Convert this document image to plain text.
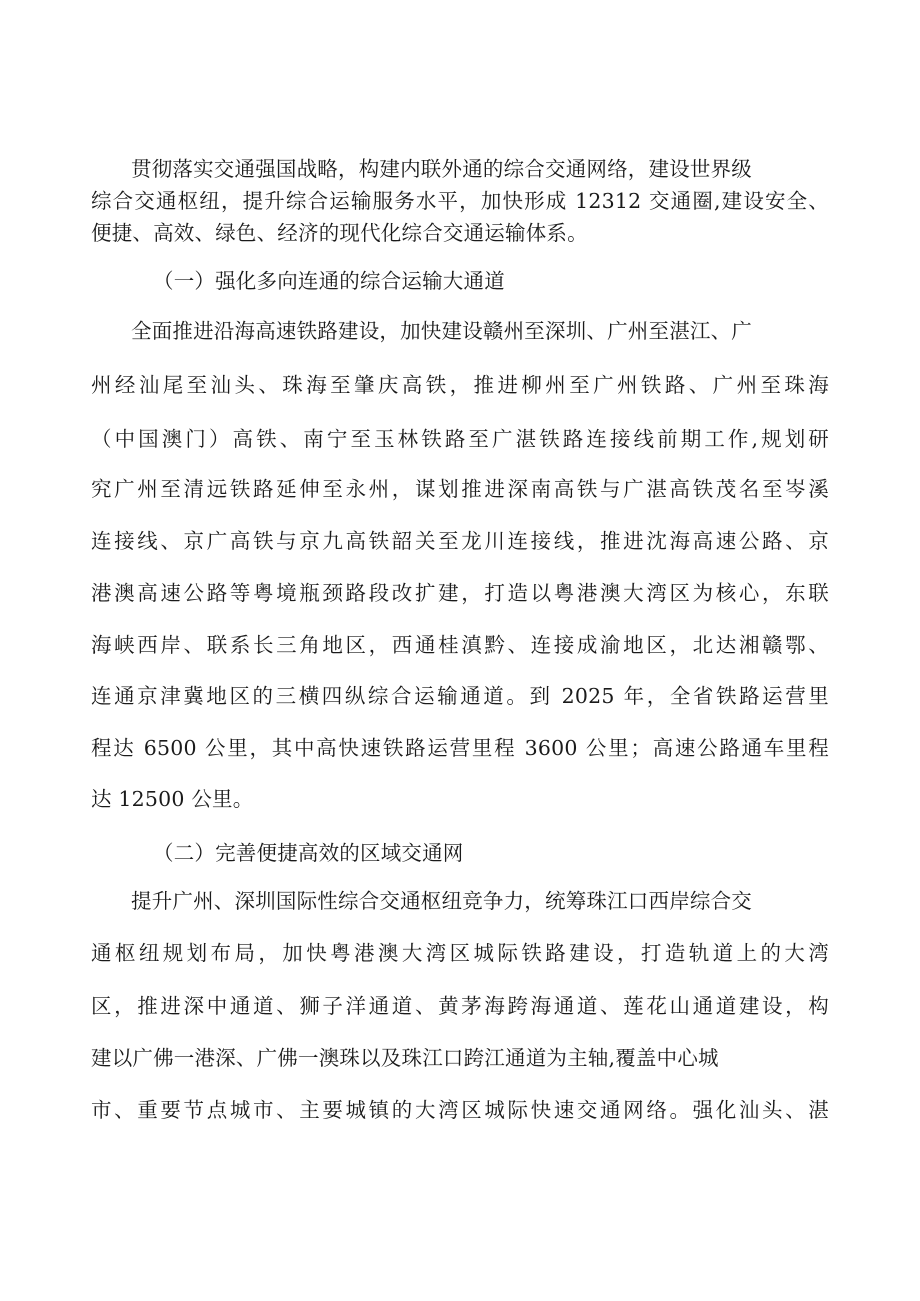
贯彻落实交通强国战略，构建内联外通的综合交通网络，建设世界级
综合交通枢纽，提升综合运输服务水平，加快形成 12312 交通圈,建设安全、
便捷、高效、绿色、经济的现代化综合交通运输体系。
（一）强化多向连通的综合运输大通道
全面推进沿海高速铁路建设，加快建设赣州至深圳、广州至湛江、广
州经汕尾至汕头、珠海至肇庆高铁，推进柳州至广州铁路、广州至珠海
（中国澳门）高铁、南宁至玉林铁路至广湛铁路连接线前期工作,规划研
究广州至清远铁路延伸至永州，谋划推进深南高铁与广湛高铁茂名至岑溪
连接线、京广高铁与京九高铁韶关至龙川连接线，推进沈海高速公路、京
港澳高速公路等粤境瓶颈路段改扩建，打造以粤港澳大湾区为核心，东联
海峡西岸、联系长三角地区，西通桂滇黔、连接成渝地区，北达湘赣鄂、
连通京津冀地区的三横四纵综合运输通道。到 2025 年，全省铁路运营里
程达 6500 公里，其中高快速铁路运营里程 3600 公里；高速公路通车里程
达 12500 公里。
（二）完善便捷高效的区域交通网
提升广州、深圳国际性综合交通枢纽竞争力，统筹珠江口西岸综合交
通枢纽规划布局，加快粤港澳大湾区城际铁路建设，打造轨道上的大湾
区，推进深中通道、狮子洋通道、黄茅海跨海通道、莲花山通道建设，构
建以广佛一港深、广佛一澳珠以及珠江口跨江通道为主轴,覆盖中心城
市、重要节点城市、主要城镇的大湾区城际快速交通网络。强化汕头、湛
